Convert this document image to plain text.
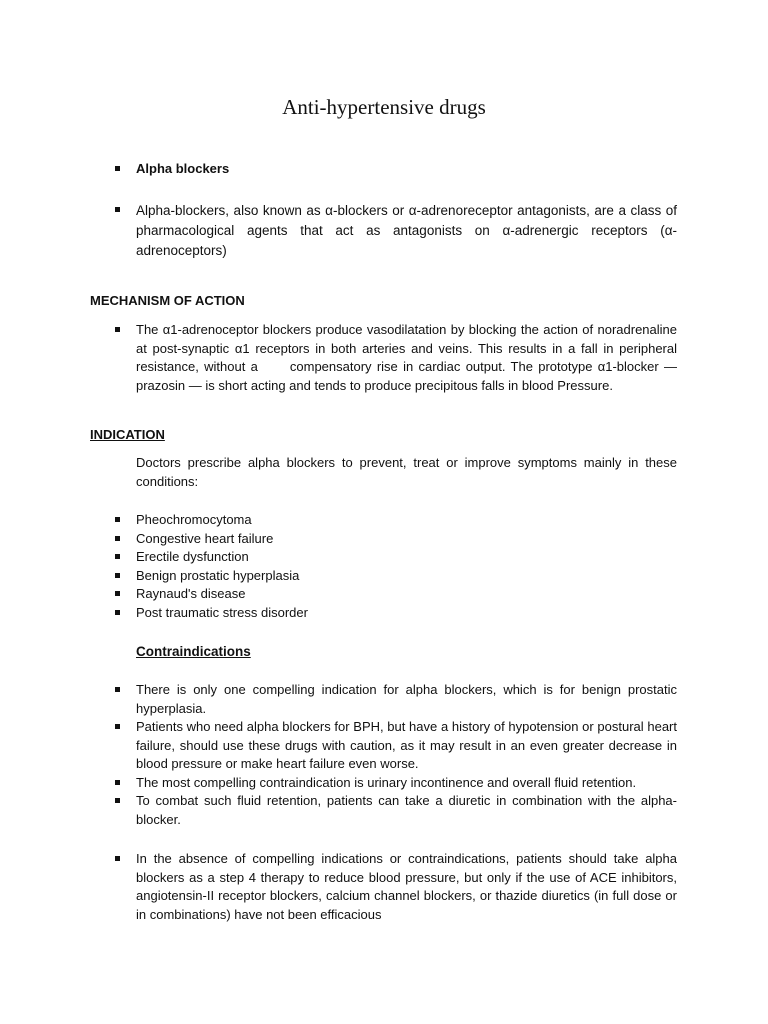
Anti-hypertensive drugs
Alpha blockers
Alpha-blockers, also known as α-blockers or α-adrenoreceptor antagonists, are a class of pharmacological agents that act as antagonists on α-adrenergic receptors (α-adrenoceptors)
MECHANISM OF ACTION
The α1-adrenoceptor blockers produce vasodilatation by blocking the action of noradrenaline at post-synaptic α1 receptors in both arteries and veins. This results in a fall in peripheral resistance, without a compensatory rise in cardiac output. The prototype α1-blocker — prazosin — is short acting and tends to produce precipitous falls in blood Pressure.
INDICATION
Doctors prescribe alpha blockers to prevent, treat or improve symptoms mainly in these conditions:
Pheochromocytoma
Congestive heart failure
Erectile dysfunction
Benign prostatic hyperplasia
Raynaud's disease
Post traumatic stress disorder
Contraindications
There is only one compelling indication for alpha blockers, which is for benign prostatic hyperplasia.
Patients who need alpha blockers for BPH, but have a history of hypotension or postural heart failure, should use these drugs with caution, as it may result in an even greater decrease in blood pressure or make heart failure even worse.
The most compelling contraindication is urinary incontinence and overall fluid retention.
To combat such fluid retention, patients can take a diuretic in combination with the alpha-blocker.
In the absence of compelling indications or contraindications, patients should take alpha blockers as a step 4 therapy to reduce blood pressure, but only if the use of ACE inhibitors, angiotensin-II receptor blockers, calcium channel blockers, or thazide diuretics (in full dose or in combinations) have not been efficacious
